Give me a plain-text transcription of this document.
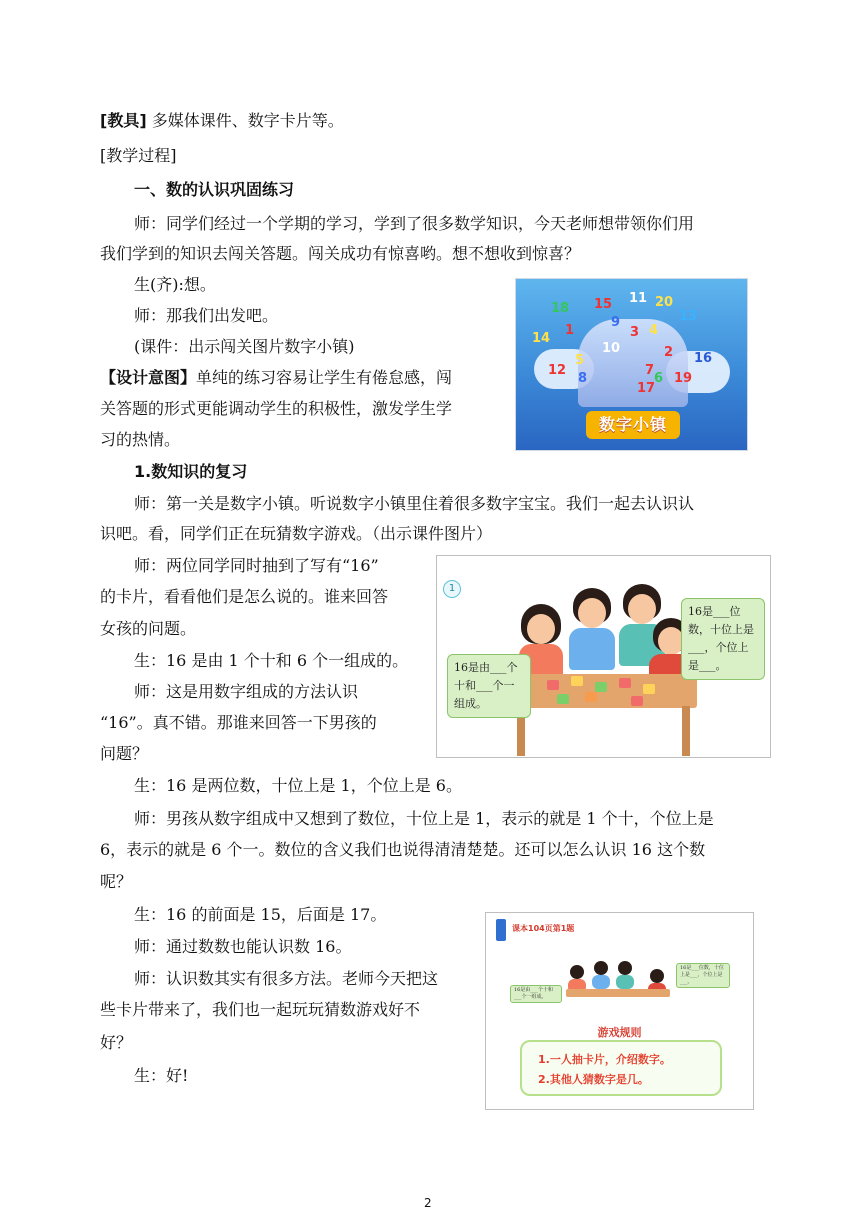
[教具] 多媒体课件、数字卡片等。
[教学过程]
一、数的认识巩固练习
师：同学们经过一个学期的学习，学到了很多数学知识，今天老师想带领你们用
我们学到的知识去闯关答题。闯关成功有惊喜哟。想不想收到惊喜？
生(齐):想。
师：那我们出发吧。
(课件：出示闯关图片数字小镇)
【设计意图】单纯的练习容易让学生有倦怠感，闯
关答题的形式更能调动学生的积极性，激发学生学
习的热情。
1.数知识的复习
师：第一关是数字小镇。听说数字小镇里住着很多数字宝宝。我们一起去认识认
识吧。看，同学们正在玩猜数字游戏。（出示课件图片）
师：两位同学同时抽到了写有“16”
的卡片，看看他们是怎么说的。谁来回答
女孩的问题。
生：16 是由 1 个十和 6 个一组成的。
师：这是用数字组成的方法认识
“16”。真不错。那谁来回答一下男孩的
问题？
生：16 是两位数，十位上是 1，个位上是 6。
师：男孩从数字组成中又想到了数位，十位上是 1，表示的就是 1 个十，个位上是
6，表示的就是 6 个一。数位的含义我们也说得清清楚楚。还可以怎么认识 16 这个数
呢？
生：16 的前面是 15，后面是 17。
师：通过数数也能认识数 16。
师：认识数其实有很多方法。老师今天把这
些卡片带来了，我们也一起玩玩猜数游戏好不
好？
生：好!
18 15 11 20
13
14
1
9
3
16
4
2
12
8
5
6
7
10
17
19
数字小镇
1
16是由___个十和___个一组成。
16是___位数，十位上是___，个位上是___。
课本104页第1题
16是由___个十和___个一组成。
16是___位数，十位上是___，个位上是___。
游戏规则
1.一人抽卡片，介绍数字。
2.其他人猜数字是几。
2
